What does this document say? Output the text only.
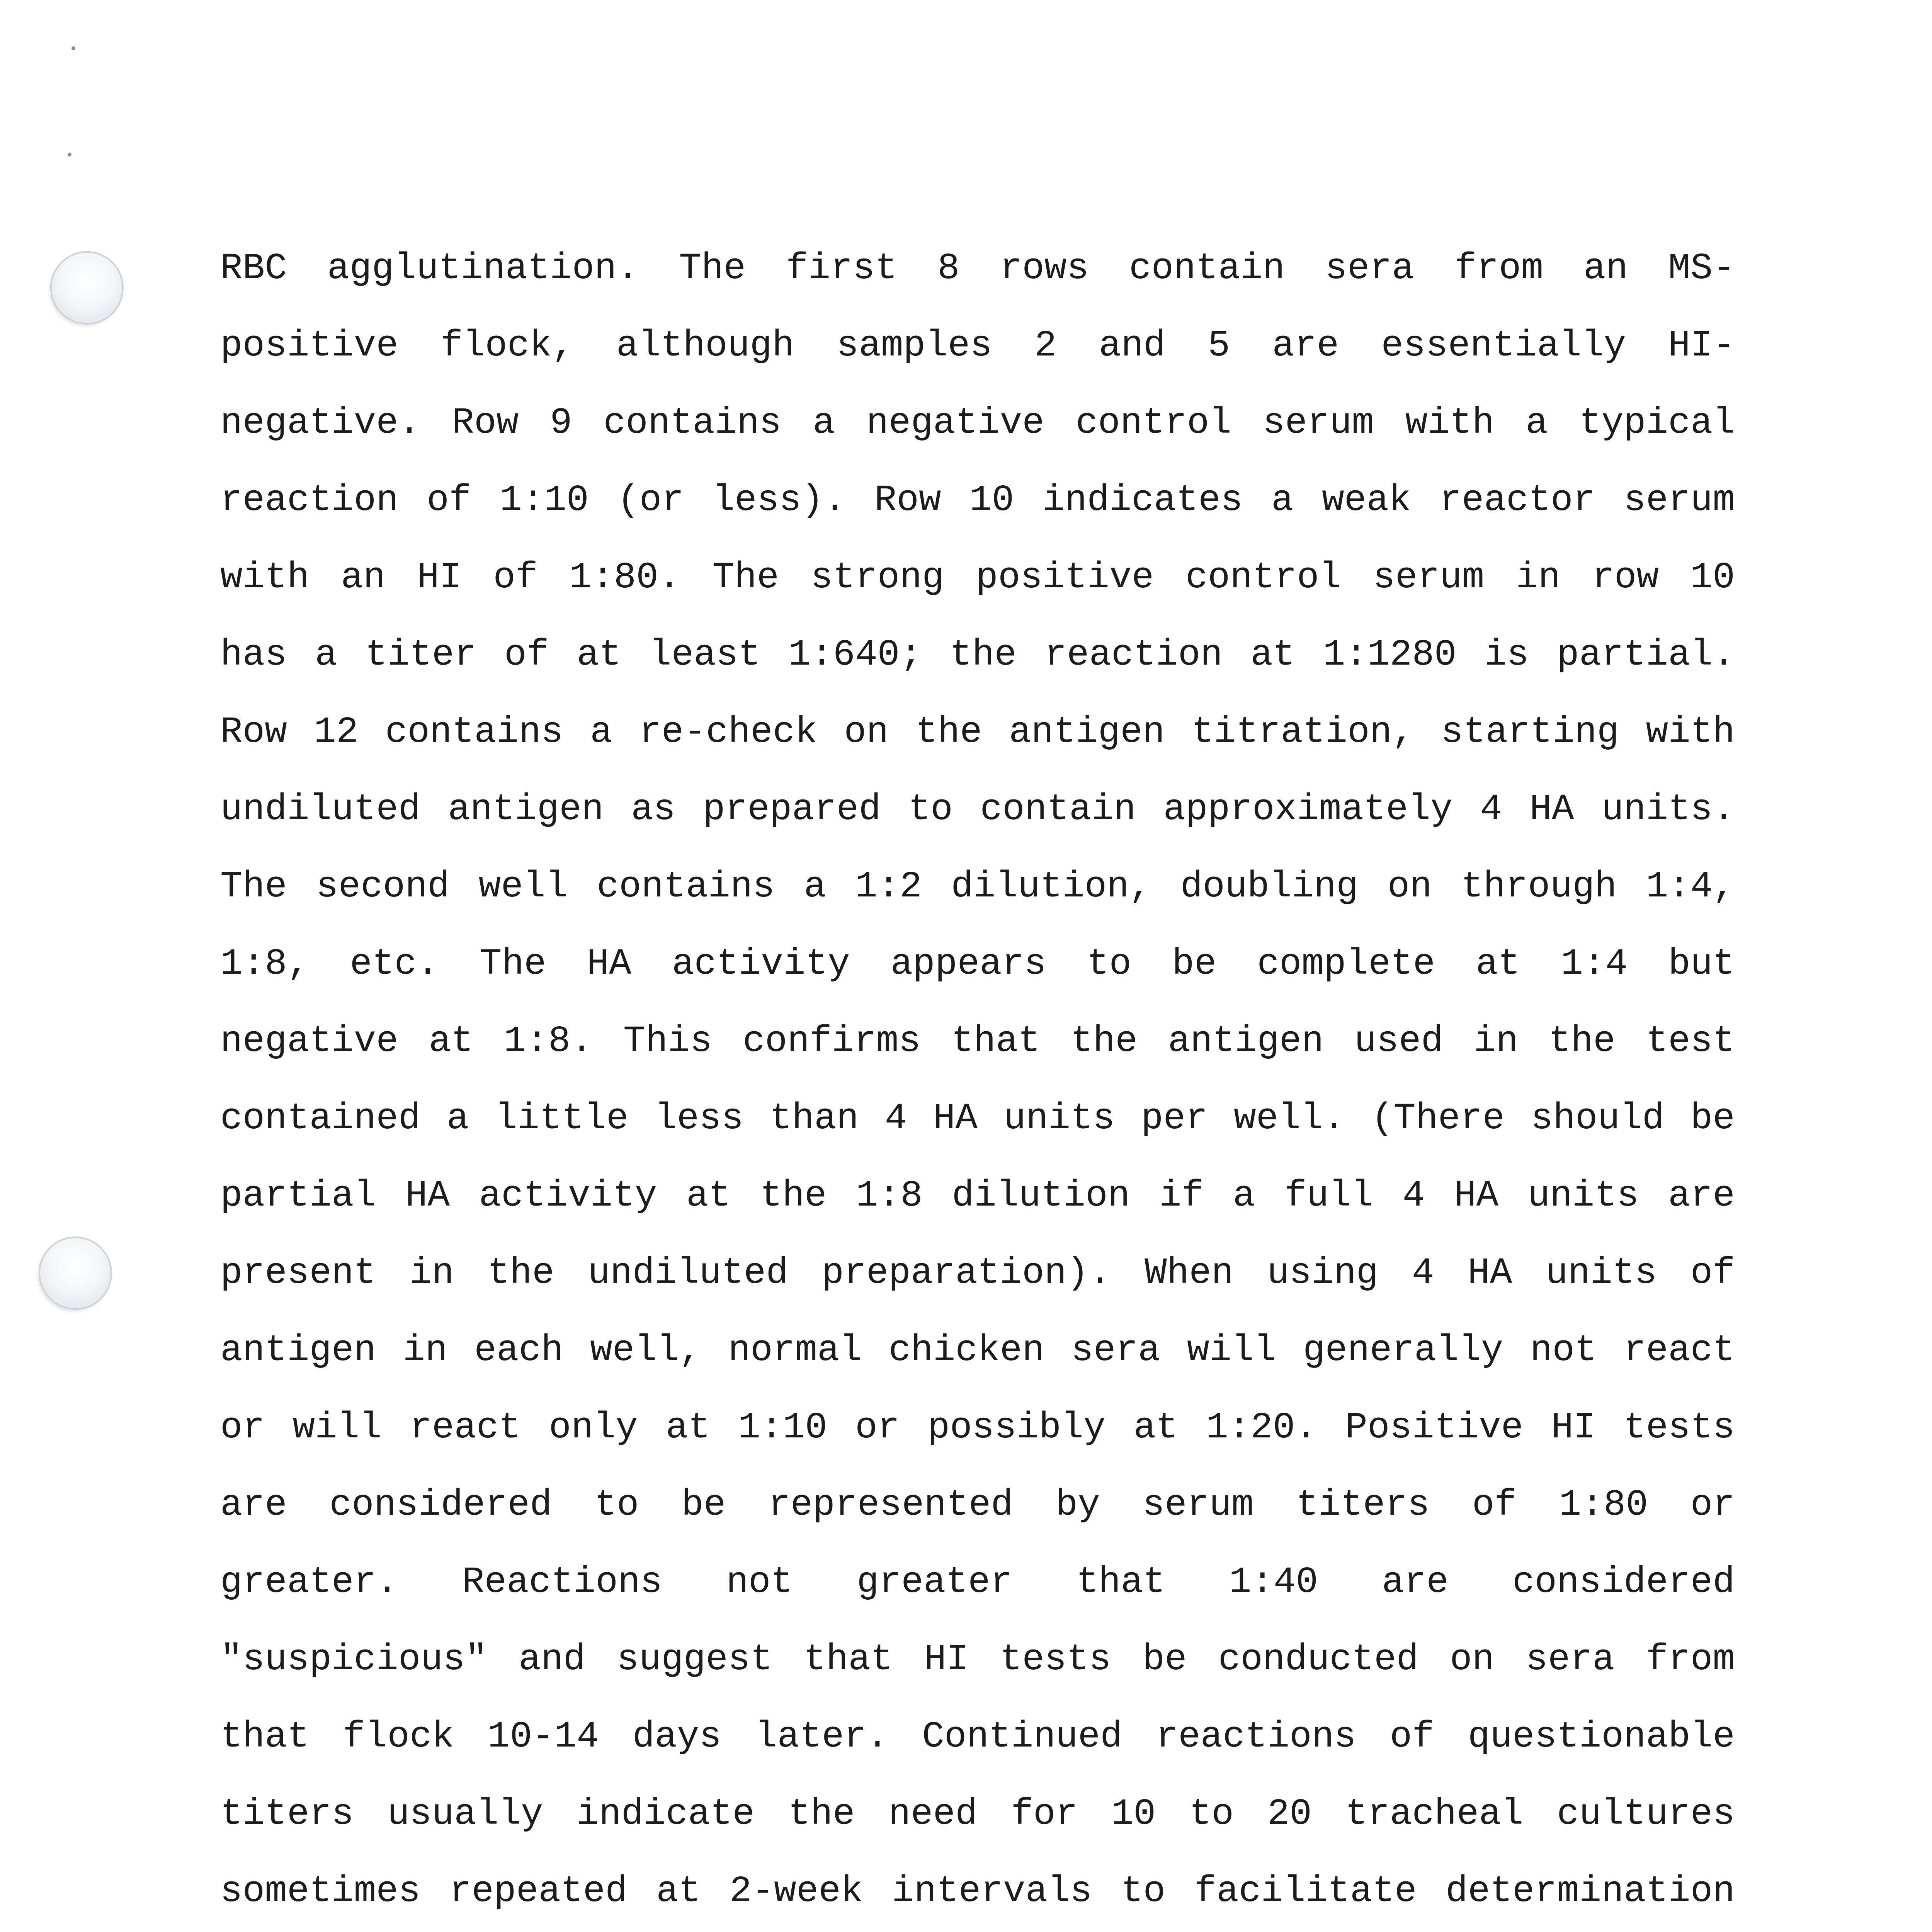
RBC agglutination. The first 8 rows contain sera from an MS-
positive flock, although samples 2 and 5 are essentially HI-
negative. Row 9 contains a negative control serum with a typical
reaction of 1:10 (or less). Row 10 indicates a weak reactor serum
with an HI of 1:80. The strong positive control serum in row 10
has a titer of at least 1:640; the reaction at 1:1280 is partial.
Row 12 contains a re-check on the antigen titration, starting with
undiluted antigen as prepared to contain approximately 4 HA units.
The second well contains a 1:2 dilution, doubling on through 1:4,
1:8, etc. The HA activity appears to be complete at 1:4 but
negative at 1:8. This confirms that the antigen used in the test
contained a little less than 4 HA units per well. (There should be
partial HA activity at the 1:8 dilution if a full 4 HA units are
present in the undiluted preparation). When using 4 HA units of
antigen in each well, normal chicken sera will generally not react
or will react only at 1:10 or possibly at 1:20. Positive HI tests
are considered to be represented by serum titers of 1:80 or
greater. Reactions not greater that 1:40 are considered
"suspicious" and suggest that HI tests be conducted on sera from
that flock 10-14 days later. Continued reactions of questionable
titers usually indicate the need for 10 to 20 tracheal cultures
sometimes repeated at 2-week intervals to facilitate determination
